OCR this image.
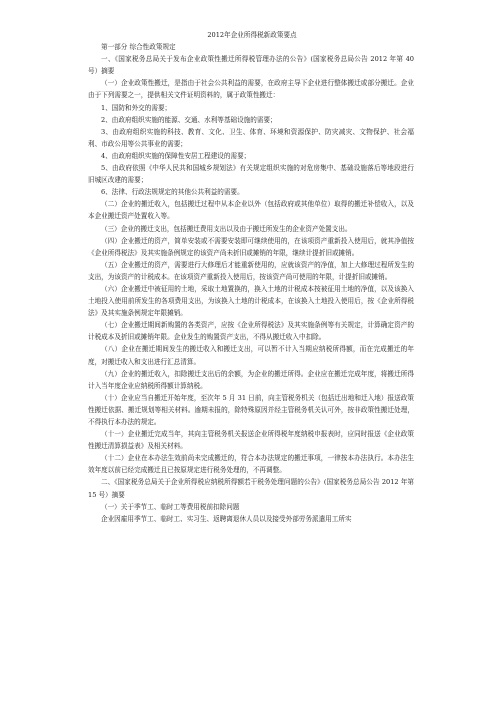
2012年企业所得税新政策要点
第一部分 综合性政策规定
一、《国家税务总局关于发布企业政策性搬迁所得税管理办法的公告》(国家税务总局公告 2012 年第 40 号）摘要
（一）企业政策性搬迁，是指由于社会公共利益的需要，在政府主导下企业进行整体搬迁或部分搬迁。企业由于下列需要之一，提供相关文件证明资料的，属于政策性搬迁：
1、国防和外交的需要；
2、由政府组织实施的能源、交通、水利等基础设施的需要；
3、由政府组织实施的科技、教育、文化、卫生、体育、环境和资源保护、防灾减灾、文物保护、社会福利、市政公用等公共事业的需要；
4、由政府组织实施的保障性安居工程建设的需要；
5、由政府依照《中华人民共和国城乡规划法》有关规定组织实施的对危房集中、基础设施落后等地段进行旧城区改建的需要；
6、法律、行政法规规定的其他公共利益的需要。
（二）企业的搬迁收入，包括搬迁过程中从本企业以外（包括政府或其他单位）取得的搬迁补偿收入，以及本企业搬迁资产处置收入等。
（三）企业的搬迁支出，包括搬迁费用支出以及由于搬迁所发生的企业资产处置支出。
（四）企业搬迁的资产，简单安装或不需要安装即可继续使用的，在该项资产重新投入使用后，就其净值按《企业所得税法》及其实施条例规定的该资产尚未折旧或摊销的年限，继续计提折旧或摊销。
（五）企业搬迁的资产，需要进行大修理后才能重新使用的，应就该资产的净值，加上大修理过程所发生的支出，为该资产的计税成本。在该项资产重新投入使用后，按该资产尚可使用的年限，计提折旧或摊销。
（六）企业搬迁中被征用的土地，采取土地置换的，换入土地的计税成本按被征用土地的净值，以及该换入土地投入使用前所发生的各项费用支出，为该换入土地的计税成本，在该换入土地投入使用后，按《企业所得税法》及其实施条例规定年限摊销。
（七）企业搬迁期间新购置的各类资产，应按《企业所得税法》及其实施条例等有关规定，计算确定资产的计税成本及折旧或摊销年限。企业发生的购置资产支出，不得从搬迁收入中扣除。
（八）企业在搬迁期间发生的搬迁收入和搬迁支出，可以暂不计入当期应纳税所得额，而在完成搬迁的年度，对搬迁收入和支出进行汇总清算。
（九）企业的搬迁收入，扣除搬迁支出后的余额，为企业的搬迁所得。企业应在搬迁完成年度，将搬迁所得计入当年度企业应纳税所得额计算纳税。
（十）企业应当自搬迁开始年度，至次年 5 月 31 日前，向主管税务机关（包括迁出地和迁入地）报送政策性搬迁依据、搬迁规划等相关材料。逾期未报的，除特殊原因并经主管税务机关认可外，按非政策性搬迁处理，不得执行本办法的规定。
（十一）企业搬迁完成当年，其向主管税务机关报送企业所得税年度纳税申报表时，应同时报送《企业政策性搬迁清算损益表》及相关材料。
（十二）企业在本办法生效前尚未完成搬迁的，符合本办法规定的搬迁事项，一律按本办法执行。本办法生效年度以前已经完成搬迁且已按原规定进行税务处理的，不再调整。
二、《国家税务总局关于企业所得税应纳税所得额若干税务处理问题的公告》(国家税务总局公告 2012 年第 15 号）摘要
（一）关于季节工、临时工等费用税前扣除问题
企业因雇用季节工、临时工、实习生、返聘离退休人员以及接受外部劳务派遣用工所实
